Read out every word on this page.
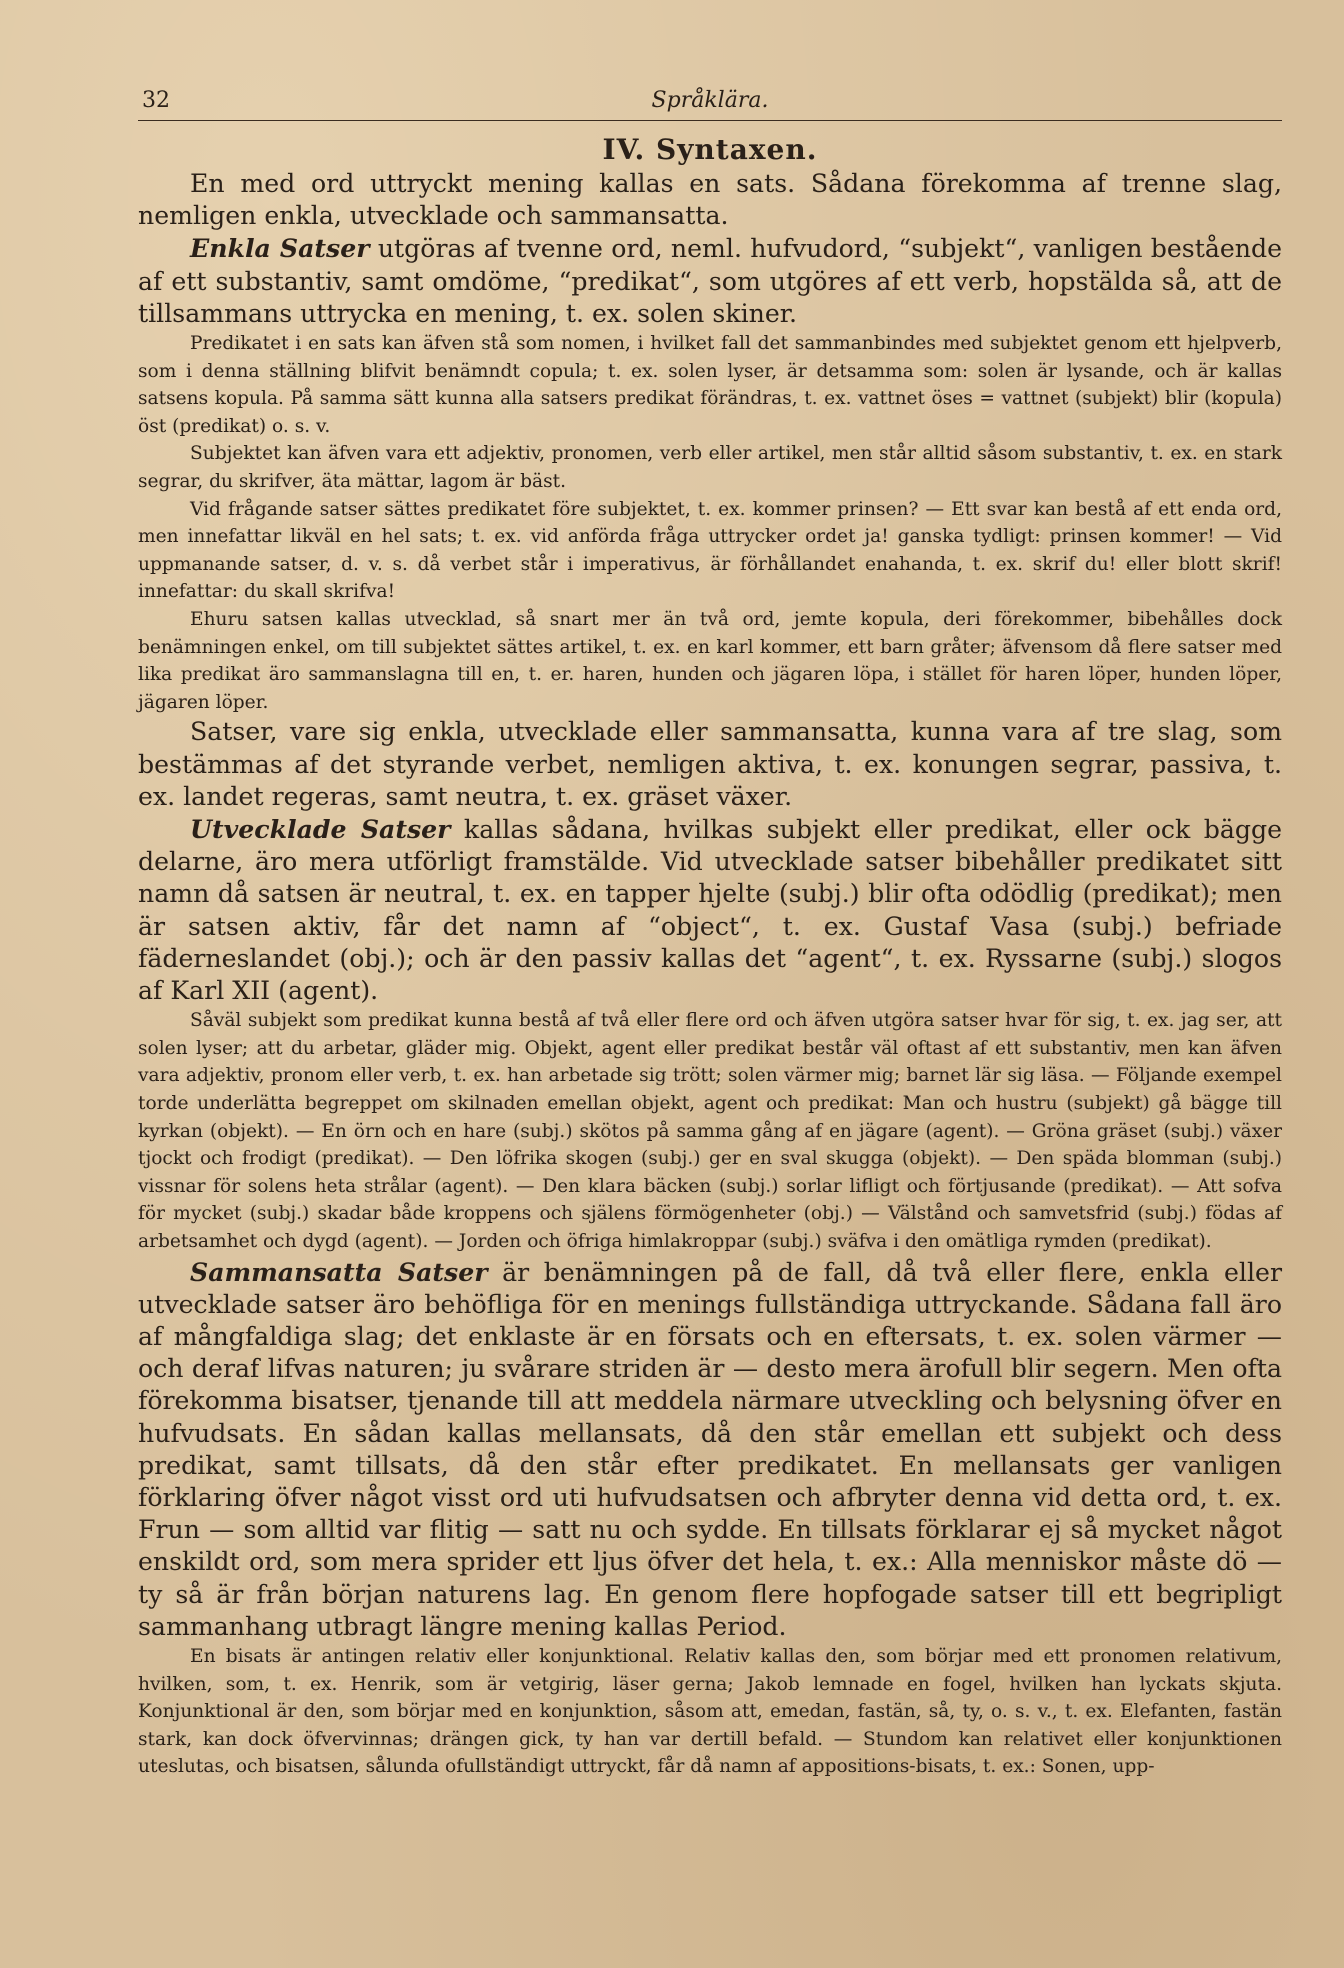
32	Språklära.
IV. Syntaxen.

En med ord uttryckt mening kallas en sats. Sådana förekomma af trenne slag, nemligen enkla, utvecklade och sammansatta.

Enkla Satser utgöras af tvenne ord, neml. hufvudord, “subjekt“, vanligen bestående af ett substantiv, samt omdöme, “predikat“, som utgöres af ett verb, hopstälda så, att de tillsammans uttrycka en mening, t. ex. solen skiner.

Predikatet i en sats kan äfven stå som nomen, i hvilket fall det sammanbindes med subjektet genom ett hjelpverb, som i denna ställning blifvit benämndt copula; t. ex. solen lyser, är detsamma som: solen är lysande, och är kallas satsens kopula. På samma sätt kunna alla satsers predikat förändras, t. ex. vattnet öses = vattnet (subjekt) blir (kopula) öst (predikat) o. s. v.

Subjektet kan äfven vara ett adjektiv, pronomen, verb eller artikel, men står alltid såsom substantiv, t. ex. en stark segrar, du skrifver, äta mättar, lagom är bäst.

Vid frågande satser sättes predikatet före subjektet, t. ex. kommer prinsen? — Ett svar kan bestå af ett enda ord, men innefattar likväl en hel sats; t. ex. vid anförda fråga uttrycker ordet ja! ganska tydligt: prinsen kommer! — Vid uppmanande satser, d. v. s. då verbet står i imperativus, är förhållandet enahanda, t. ex. skrif du! eller blott skrif! innefattar: du skall skrifva!

Ehuru satsen kallas utvecklad, så snart mer än två ord, jemte kopula, deri förekommer, bibehålles dock benämningen enkel, om till subjektet sättes artikel, t. ex. en karl kommer, ett barn gråter; äfvensom då flere satser med lika predikat äro sammanslagna till en, t. er. haren, hunden och jägaren löpa, i stället för haren löper, hunden löper, jägaren löper.

Satser, vare sig enkla, utvecklade eller sammansatta, kunna vara af tre slag, som bestämmas af det styrande verbet, nemligen aktiva, t. ex. konungen segrar, passiva, t. ex. landet regeras, samt neutra, t. ex. gräset växer.

Utvecklade Satser kallas sådana, hvilkas subjekt eller predikat, eller ock bägge delarne, äro mera utförligt framstälde. Vid utvecklade satser bibehåller predikatet sitt namn då satsen är neutral, t. ex. en tapper hjelte (subj.) blir ofta odödlig (predikat); men är satsen aktiv, får det namn af “object“, t. ex. Gustaf Vasa (subj.) befriade fäderneslandet (obj.); och är den passiv kallas det “agent“, t. ex. Ryssarne (subj.) slogos af Karl XII (agent).

Såväl subjekt som predikat kunna bestå af två eller flere ord och äfven utgöra satser hvar för sig, t. ex. jag ser, att solen lyser; att du arbetar, gläder mig. Objekt, agent eller predikat består väl oftast af ett substantiv, men kan äfven vara adjektiv, pronom eller verb, t. ex. han arbetade sig trött; solen värmer mig; barnet lär sig läsa. — Följande exempel torde underlätta begreppet om skilnaden emellan objekt, agent och predikat: Man och hustru (subjekt) gå bägge till kyrkan (objekt). — En örn och en hare (subj.) skötos på samma gång af en jägare (agent). — Gröna gräset (subj.) växer tjockt och frodigt (predikat). — Den löfrika skogen (subj.) ger en sval skugga (objekt). — Den späda blomman (subj.) vissnar för solens heta strålar (agent). — Den klara bäcken (subj.) sorlar lifligt och förtjusande (predikat). — Att sofva för mycket (subj.) skadar både kroppens och själens förmögenheter (obj.) — Välstånd och samvetsfrid (subj.) födas af arbetsamhet och dygd (agent). — Jorden och öfriga himlakroppar (subj.) sväfva i den omätliga rymden (predikat).

Sammansatta Satser är benämningen på de fall, då två eller flere, enkla eller utvecklade satser äro behöfliga för en menings fullständiga uttryckande. Sådana fall äro af mångfaldiga slag; det enklaste är en försats och en eftersats, t. ex. solen värmer — och deraf lifvas naturen; ju svårare striden är — desto mera ärofull blir segern. Men ofta förekomma bisatser, tjenande till att meddela närmare utveckling och belysning öfver en hufvudsats. En sådan kallas mellansats, då den står emellan ett subjekt och dess predikat, samt tillsats, då den står efter predikatet. En mellansats ger vanligen förklaring öfver något visst ord uti hufvudsatsen och afbryter denna vid detta ord, t. ex. Frun — som alltid var flitig — satt nu och sydde. En tillsats förklarar ej så mycket något enskildt ord, som mera sprider ett ljus öfver det hela, t. ex.: Alla menniskor måste dö — ty så är från början naturens lag. En genom flere hopfogade satser till ett begripligt sammanhang utbragt längre mening kallas Period.

En bisats är antingen relativ eller konjunktional. Relativ kallas den, som börjar med ett pronomen relativum, hvilken, som, t. ex. Henrik, som är vetgirig, läser gerna; Jakob lemnade en fogel, hvilken han lyckats skjuta. Konjunktional är den, som börjar med en konjunktion, såsom att, emedan, fastän, så, ty, o. s. v., t. ex. Elefanten, fastän stark, kan dock öfvervinnas; drängen gick, ty han var dertill befald. — Stundom kan relativet eller konjunktionen uteslutas, och bisatsen, sålunda ofullständigt uttryckt, får då namn af appositions-bisats, t. ex.: Sonen, upp-
